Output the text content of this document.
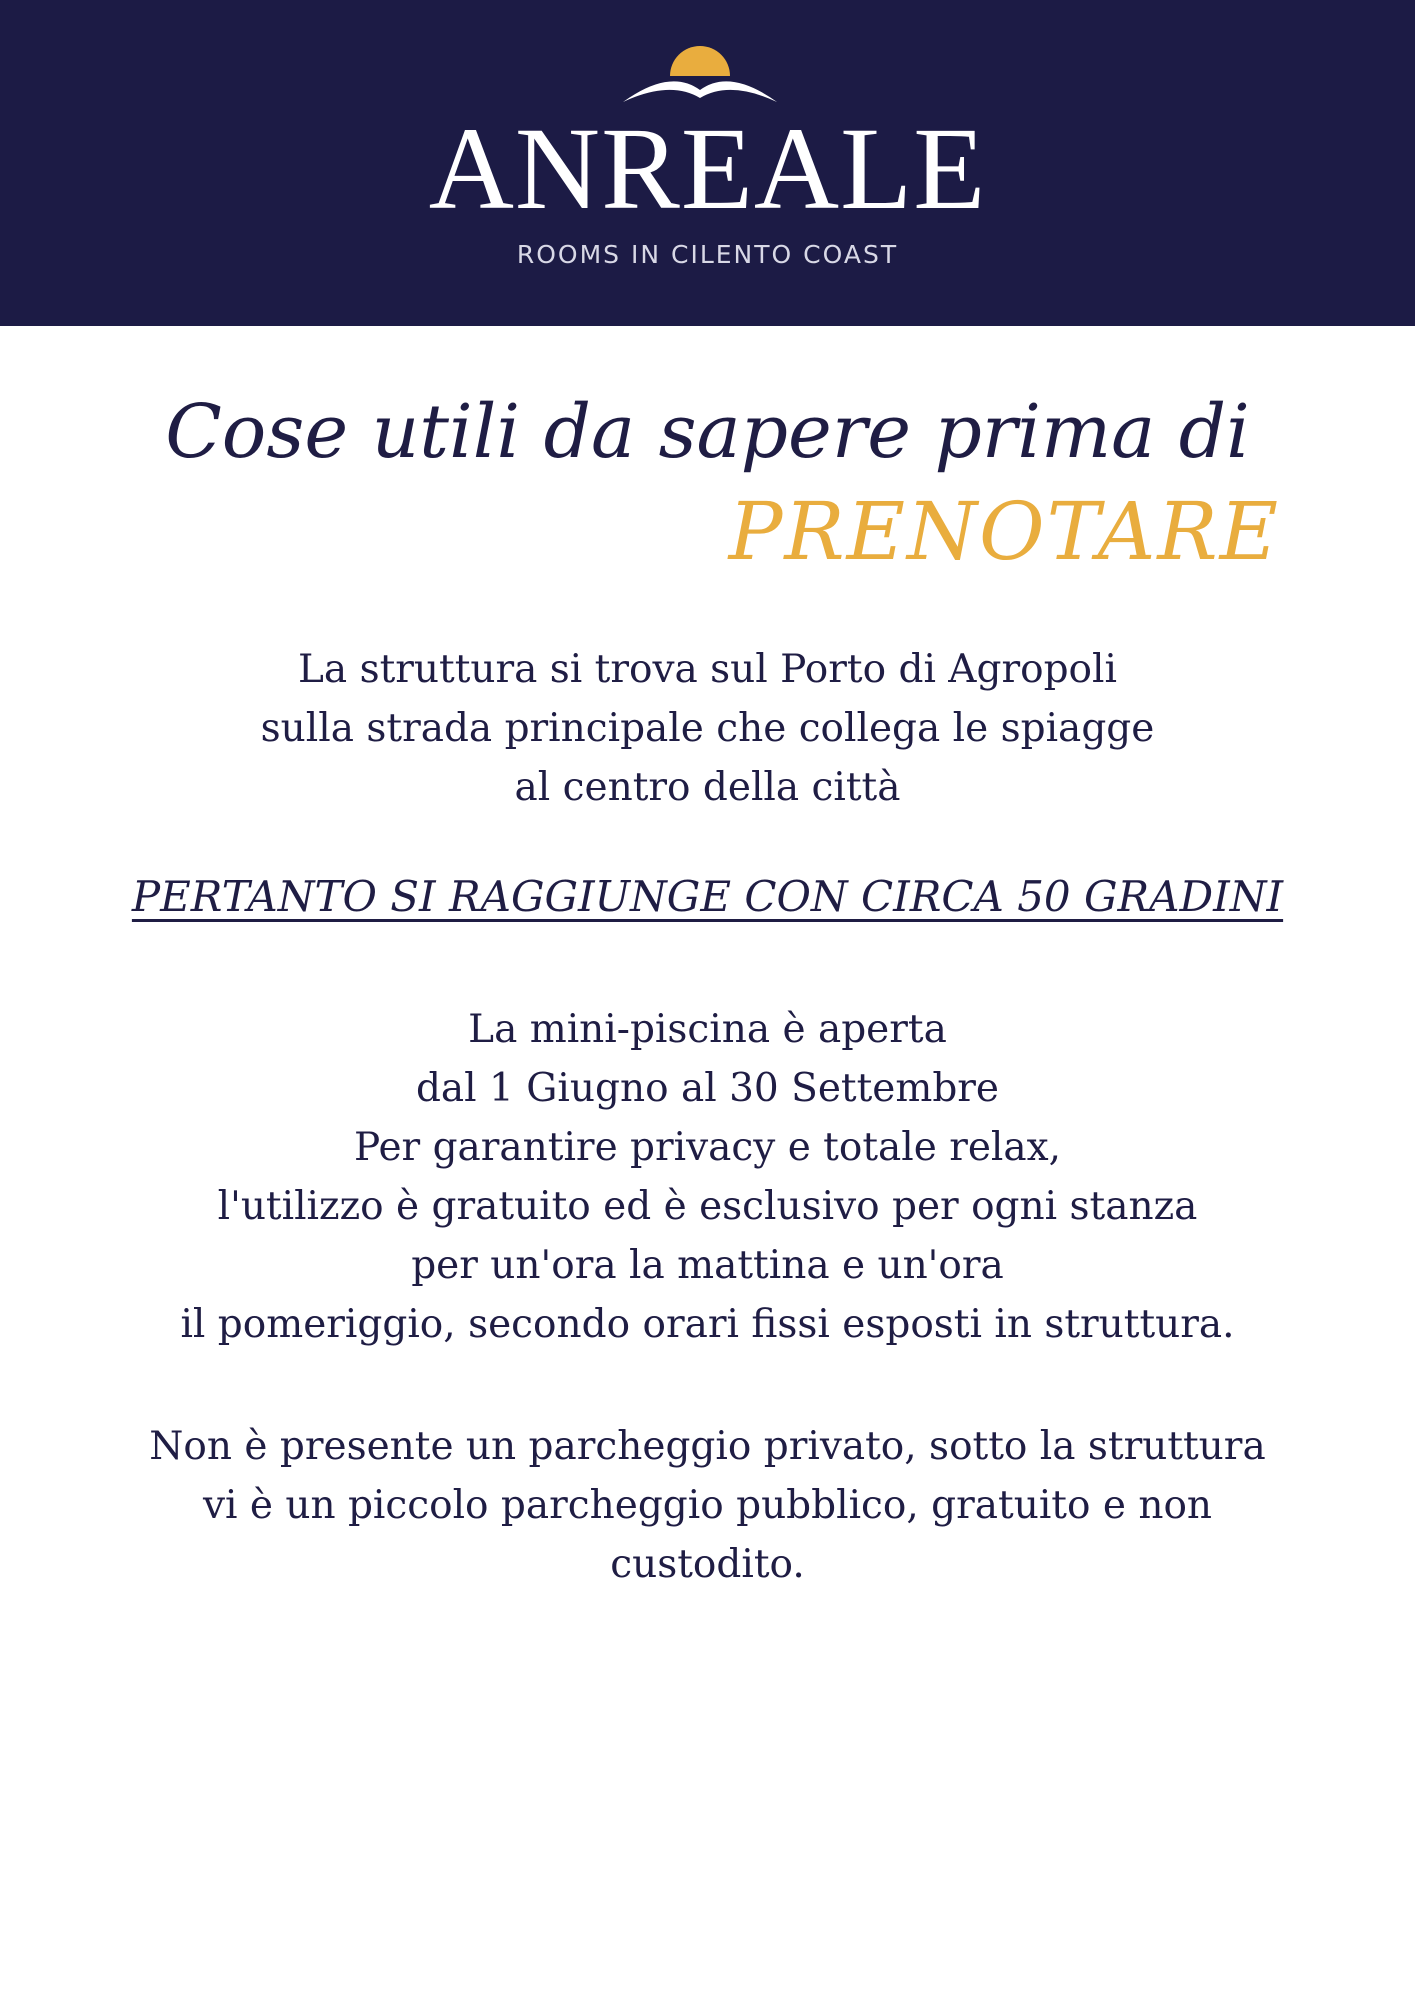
ANREALE
ROOMS IN CILENTO COAST
Cose utili da sapere prima di
PRENOTARE
La struttura si trova sul Porto di Agropoli
sulla strada principale che collega le spiagge
al centro della città
PERTANTO SI RAGGIUNGE CON CIRCA 50 GRADINI
La mini-piscina è aperta
dal 1 Giugno al 30 Settembre
Per garantire privacy e totale relax,
l'utilizzo è gratuito ed è esclusivo per ogni stanza
per un'ora la mattina e un'ora
il pomeriggio, secondo orari fissi esposti in struttura.
Non è presente un parcheggio privato, sotto la struttura
vi è un piccolo parcheggio pubblico, gratuito e non
custodito.
